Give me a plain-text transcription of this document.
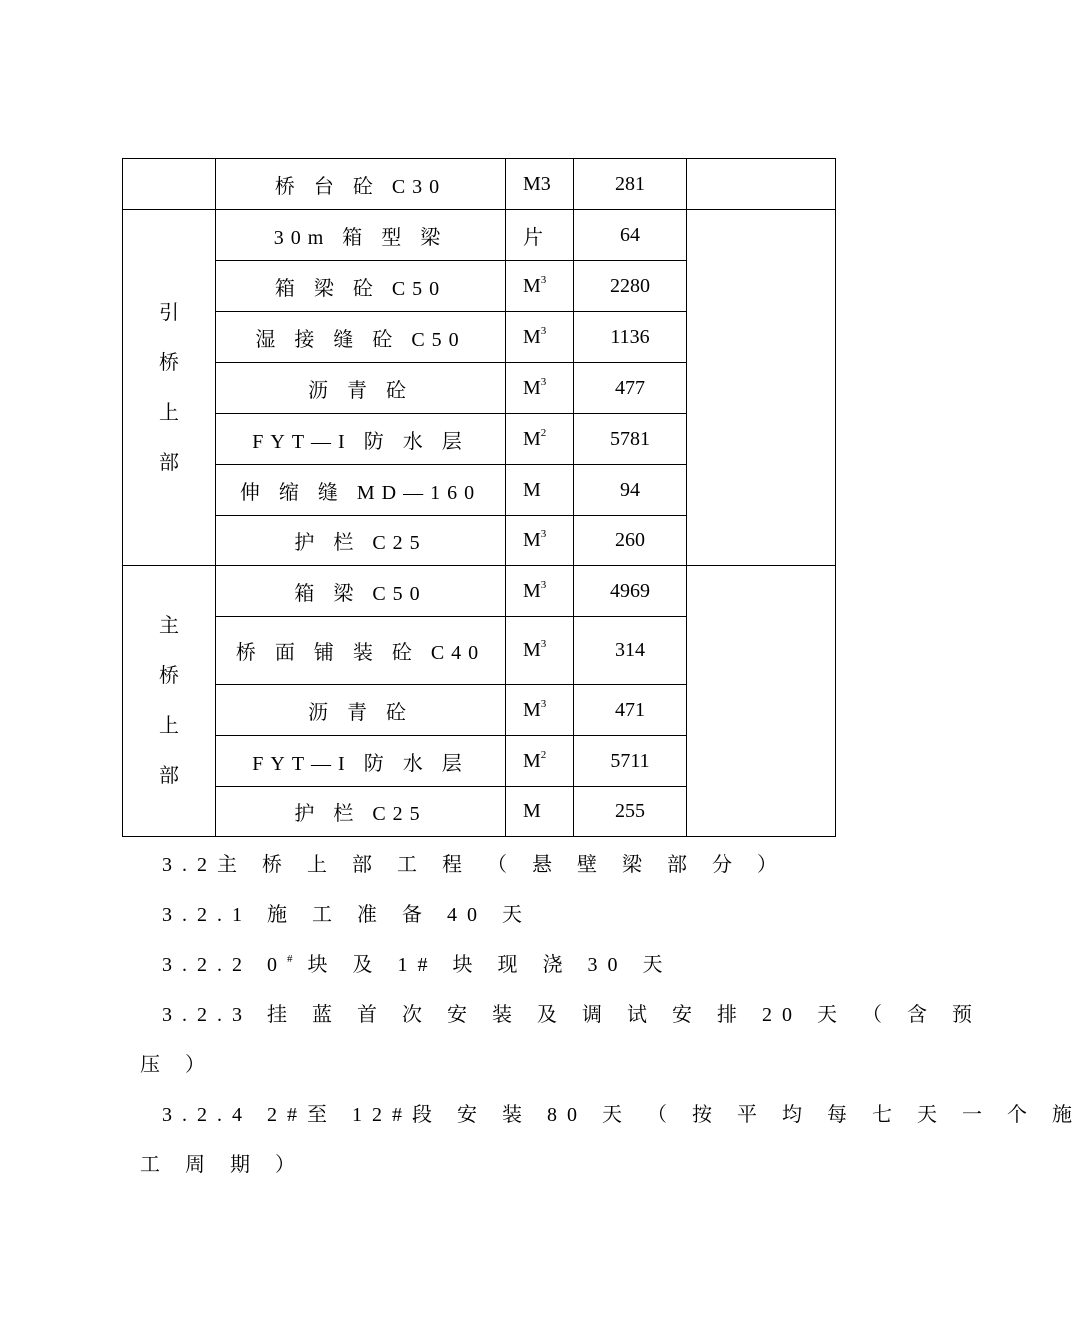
	桥 台 砼 C30	M3	281	

引
桥
上
部	30m 箱 型 梁	片	64	
	箱 梁 砼 C50	$M^3$	2280	
	湿 接 缝 砼 C50	$M^3$	1136	
	沥 青 砼	$M^3$	477	
	FYT—I 防 水 层	$M^2$	5781	
	伸 缩 缝 MD—160	M	94	
	护 栏 C25	$M^3$	260	

主
桥
上
部	箱 梁 C50	$M^3$	4969	
	桥 面 铺 装 砼 C40	$M^3$	314	
	沥 青 砼	$M^3$	471	
	FYT—I 防 水 层	$M^2$	5711	
	护 栏 C25	M	255	
3.2主 桥 上 部 工 程 （ 悬 壁 梁 部 分 ）
3.2.1 施 工 准 备 40 天
3.2.2 0# 块 及 1# 块 现 浇 30 天
3.2.3 挂 蓝 首 次 安 装 及 调 试 安 排 20 天 （ 含 预
压 ）
3.2.4 2#至 12#段 安 装 80 天 （ 按 平 均 每 七 天 一 个 施
工 周 期 ）
